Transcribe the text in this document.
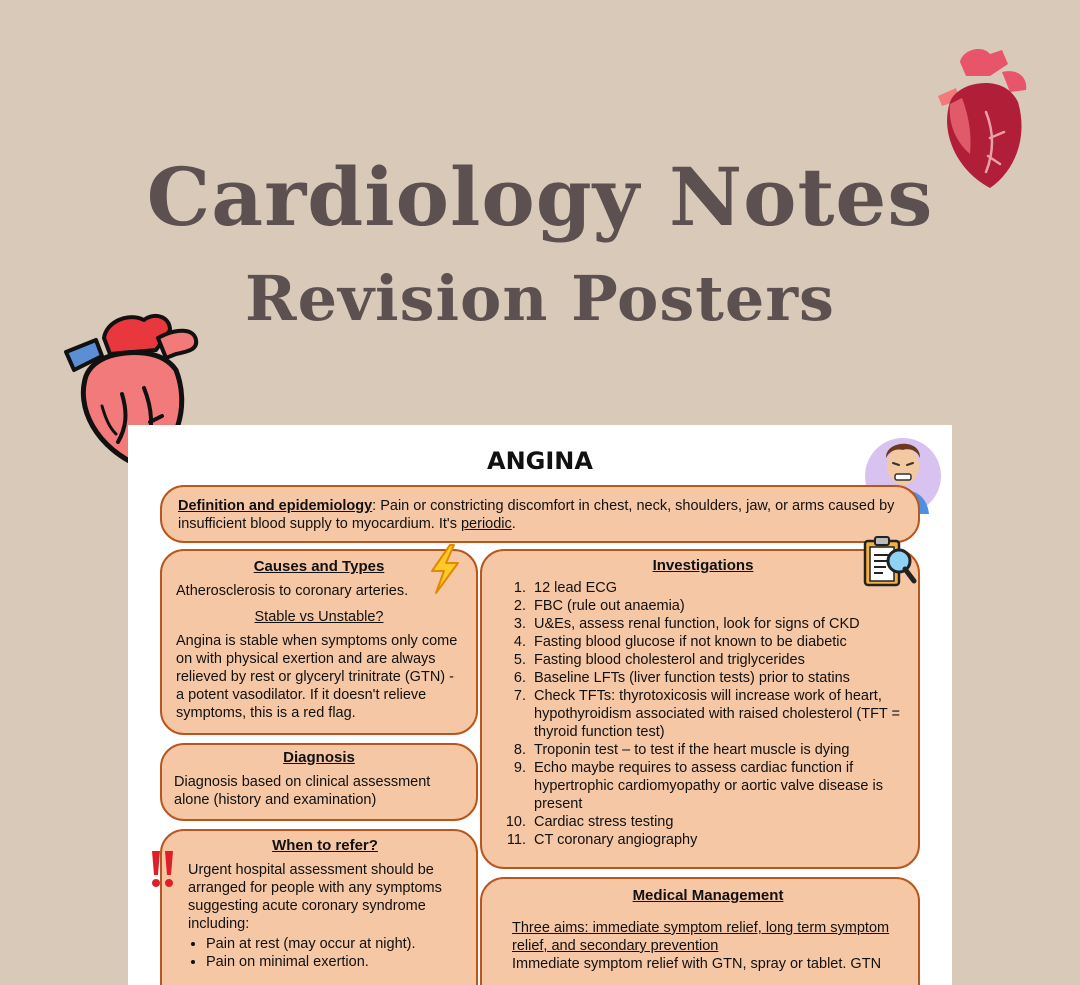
Cardiology Notes
Revision Posters
ANGINA
Definition and epidemiology: Pain or constricting discomfort in chest, neck, shoulders, jaw, or arms caused by insufficient blood supply to myocardium. It's periodic.
Causes and Types

Atherosclerosis to coronary arteries.

Stable vs Unstable?

Angina is stable when symptoms only come on with physical exertion and are always relieved by rest or glyceryl trinitrate (GTN) - a potent vasodilator. If it doesn't relieve symptoms, this is a red flag.

Diagnosis

Diagnosis based on clinical assessment alone (history and examination)

When to refer?

Urgent hospital assessment should be arranged for people with any symptoms suggesting acute coronary syndrome including:

• Pain at rest (may occur at night).
• Pain on minimal exertion.
Investigations
1. 12 lead ECG
2. FBC (rule out anaemia)
3. U&Es, assess renal function, look for signs of CKD
4. Fasting blood glucose if not known to be diabetic
5. Fasting blood cholesterol and triglycerides
6. Baseline LFTs (liver function tests) prior to statins
7. Check TFTs: thyrotoxicosis will increase work of heart, hypothyroidism associated with raised cholesterol (TFT = thyroid function test)
8. Troponin test – to test if the heart muscle is dying
9. Echo maybe requires to assess cardiac function if hypertrophic cardiomyopathy or aortic valve disease is present
10. Cardiac stress testing
11. CT coronary angiography
Medical Management

Three aims: immediate symptom relief, long term symptom relief, and secondary prevention

Immediate symptom relief with GTN, spray or tablet. GTN
